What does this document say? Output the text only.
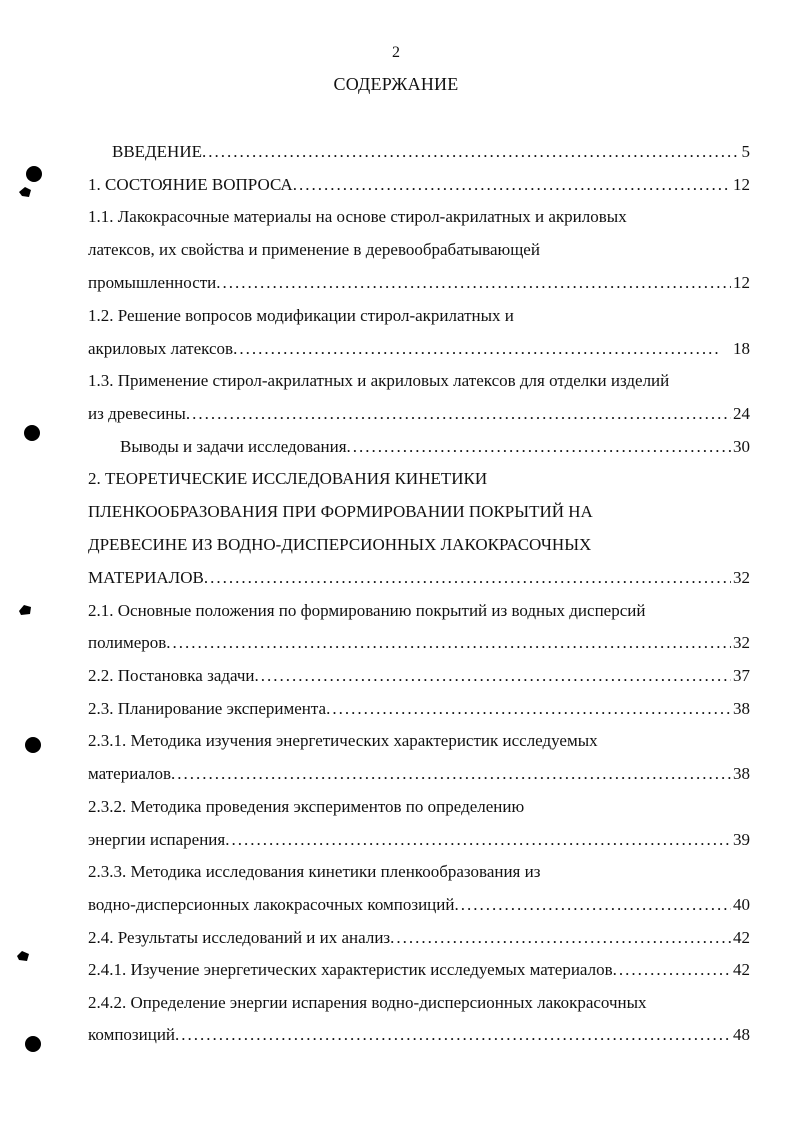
2
СОДЕРЖАНИЕ
ВВЕДЕНИЕ .....	5
1. СОСТОЯНИЕ ВОПРОСА .....	12
1.1. Лакокрасочные материалы на основе стирол-акрилатных и акриловых
латексов, их свойства и применение в деревообрабатывающей
промышленности .....	12
1.2. Решение вопросов модификации стирол-акрилатных и
акриловых латексов .....	18
1.3. Применение стирол-акрилатных и акриловых латексов для отделки изделий
из древесины .....	24
Выводы и задачи исследования .....	30
2. ТЕОРЕТИЧЕСКИЕ ИССЛЕДОВАНИЯ КИНЕТИКИ
ПЛЕНКООБРАЗОВАНИЯ ПРИ ФОРМИРОВАНИИ ПОКРЫТИЙ НА
ДРЕВЕСИНЕ ИЗ ВОДНО-ДИСПЕРСИОННЫХ ЛАКОКРАСОЧНЫХ
МАТЕРИАЛОВ .....	32
2.1. Основные положения по формированию покрытий из водных дисперсий
полимеров .....	32
2.2. Постановка задачи .....	37
2.3. Планирование эксперимента .....	38
2.3.1. Методика изучения энергетических характеристик исследуемых
материалов .....	38
2.3.2. Методика проведения экспериментов по определению
энергии испарения .....	39
2.3.3. Методика исследования кинетики пленкообразования из
водно-дисперсионных лакокрасочных композиций .....	40
2.4. Результаты исследований и их анализ .....	42
2.4.1. Изучение энергетических характеристик исследуемых материалов .....	42
2.4.2. Определение энергии испарения водно-дисперсионных лакокрасочных
композиций .....	48
